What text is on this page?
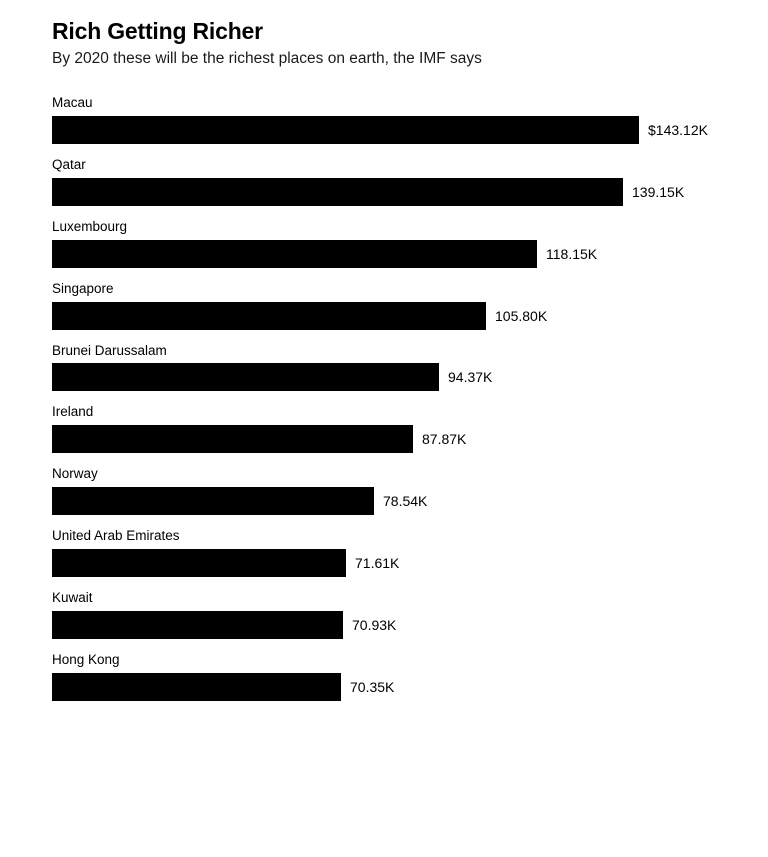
Rich Getting Richer

By 2020 these will be the richest places on earth, the IMF says

Macau
$143.12K
Qatar
139.15K
Luxembourg
118.15K
Singapore
105.80K
Brunei Darussalam
94.37K
Ireland
87.87K
Norway
78.54K
United Arab Emirates
71.61K
Kuwait
70.93K
Hong Kong
70.35K
